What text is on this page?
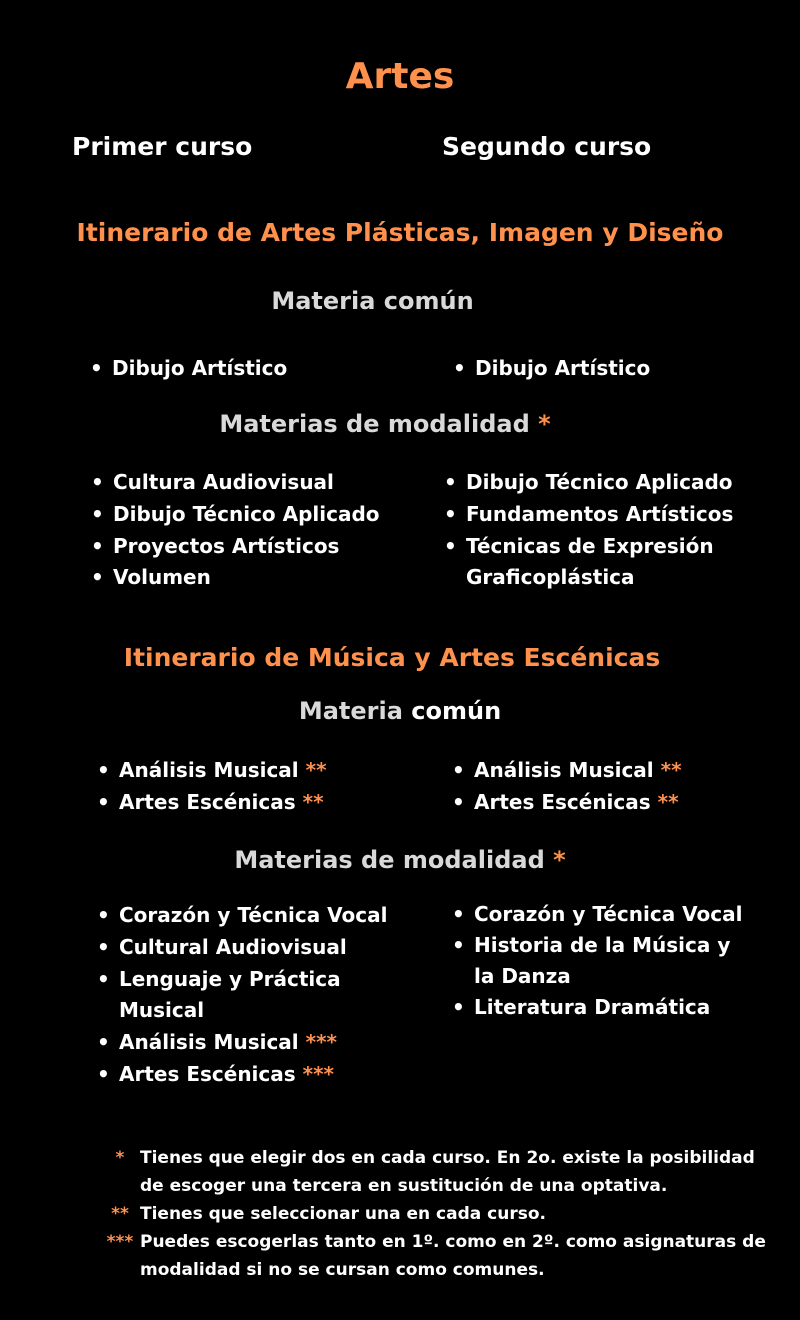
Artes
Primer curso	Segundo curso
Itinerario de Artes Plásticas, Imagen y Diseño
Materia común
• Dibujo Artístico
•	Dibujo Artístico
Materias de modalidad *
• Cultura Audiovisual
• Dibujo Técnico Aplicado
• Proyectos Artísticos
• Volumen
• Dibujo Técnico Aplicado
• Fundamentos Artísticos
• Técnicas de Expresión Graficoplástica
Itinerario de Música y Artes Escénicas
Materia común
• Análisis Musical **
• Artes Escénicas **
• Análisis Musical **
• Artes Escénicas **
Materias de modalidad *
• Corazón y Técnica Vocal
• Cultural Audiovisual
• Lenguaje y Práctica Musical
• Análisis Musical ***
• Artes Escénicas ***
• Corazón y Técnica Vocal
• Historia de la Música y la Danza
• Literatura Dramática
* Tienes que elegir dos en cada curso. En 2o. existe la posibilidad de escoger una tercera en sustitución de una optativa.
** Tienes que seleccionar una en cada curso.
*** Puedes escogerlas tanto en 1º. como en 2º. como asignaturas de modalidad si no se cursan como comunes.
